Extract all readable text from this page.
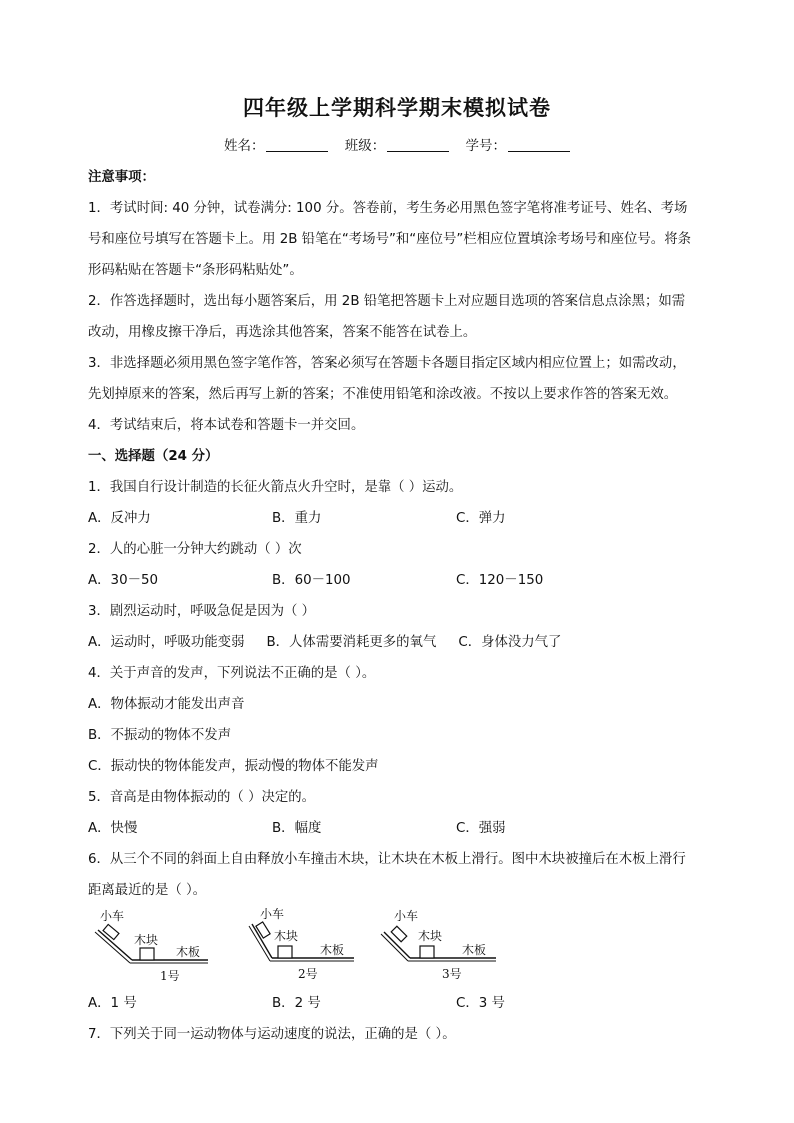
四年级上学期科学期末模拟试卷
姓名：	班级：	学号：
注意事项：
1．考试时间: 40 分钟，试卷满分: 100 分。答卷前，考生务必用黑色签字笔将准考证号、姓名、考场
号和座位号填写在答题卡上。用 2B 铅笔在“考场号”和“座位号”栏相应位置填涂考场号和座位号。将条
形码粘贴在答题卡“条形码粘贴处”。
2．作答选择题时，选出每小题答案后，用 2B 铅笔把答题卡上对应题目选项的答案信息点涂黑；如需
改动，用橡皮擦干净后，再选涂其他答案，答案不能答在试卷上。
3．非选择题必须用黑色签字笔作答，答案必须写在答题卡各题目指定区域内相应位置上；如需改动，
先划掉原来的答案，然后再写上新的答案；不准使用铅笔和涂改液。不按以上要求作答的答案无效。
4．考试结束后，将本试卷和答题卡一并交回。
一、选择题（24 分）
1．我国自行设计制造的长征火箭点火升空时，是靠（ ）运动。
A．反冲力	B．重力	C．弹力
2．人的心脏一分钟大约跳动（ ）次
A．30－50	B．60－100	C．120－150
3．剧烈运动时，呼吸急促是因为（ ）
A．运动时，呼吸功能变弱 B．人体需要消耗更多的氧气 C．身体没力气了
4．关于声音的发声，下列说法不正确的是（ ）。
A．物体振动才能发出声音
B．不振动的物体不发声
C．振动快的物体能发声，振动慢的物体不能发声
5．音高是由物体振动的（ ）决定的。
A．快慢	B．幅度	C．强弱
6．从三个不同的斜面上自由释放小车撞击木块，让木块在木板上滑行。图中木块被撞后在木板上滑行
距离最近的是（ ）。
小车
木块
木板
1号
小车
木块
木板
2号
小车
木块
木板
3号
A．1 号	B．2 号	C．3 号
7．下列关于同一运动物体与运动速度的说法，正确的是（ ）。
